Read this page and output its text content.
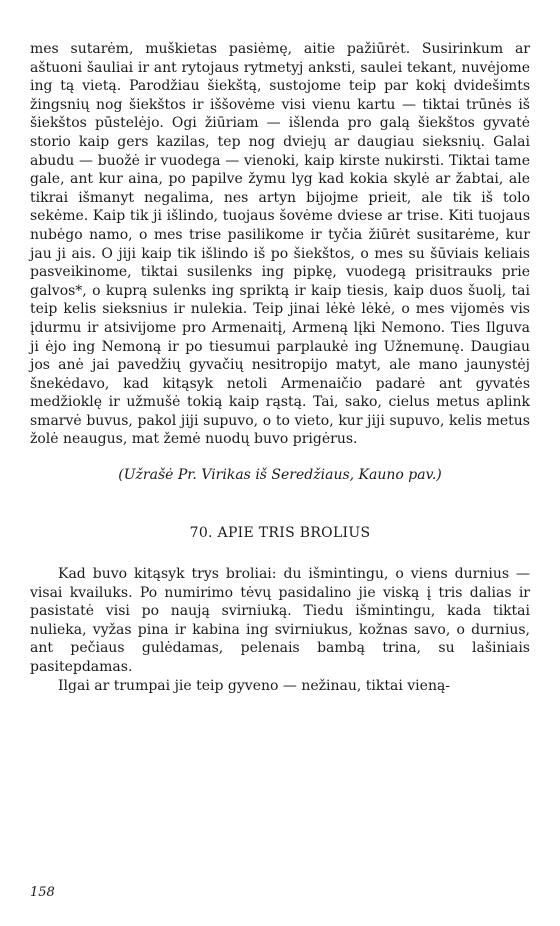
mes sutarėm, muškietas pasiėmę, aitie pažiūrėt. Susirinkum ar aštuoni šauliai ir ant rytojaus rytmetyj anksti, saulei tekant, nuvėjome ing tą vietą. Parodžiau šiekštą, sustojome teip par kokį dvidešimts žingsnių nog šiekštos ir iššovėme visi vienu kartu — tiktai trūnės iš šiekštos pūstelėjo. Ogi žiūriam — išlenda pro galą šiekštos gyvatė storio kaip gers kazilas, tep nog dviejų ar daugiau sieksnių. Galai abudu — buožė ir vuodega — vienoki, kaip kirste nukirsti. Tiktai tame gale, ant kur aina, po papilve žymu lyg kad kokia skylė ar žabtai, ale tikrai išmanyt negalima, nes artyn bijojme prieit, ale tik iš tolo sekėme. Kaip tik ji išlindo, tuojaus šovėme dviese ar trise. Kiti tuojaus nubėgo namo, o mes trise pasilikome ir tyčia žiūrėt susitarėme, kur jau ji ais. O jiji kaip tik išlindo iš po šiekštos, o mes su šūviais keliais pasveikinome, tiktai susilenks ing pipkę, vuodegą prisitrauks prie galvos*, o kuprą sulenks ing spriktą ir kaip tiesis, kaip duos šuolį, tai teip kelis sieksnius ir nulekia. Teip jinai lėkė lėkė, o mes vijomės vis įdurmu ir atsivijome pro Armenaitį, Armeną lįki Nemono. Ties Ilguva ji ėjo ing Nemoną ir po tiesumui parplaukė ing Užnemunę. Daugiau jos anė jai pavedžių gyvačių nesitropijo matyt, ale mano jaunystėj šnekėdavo, kad kitąsyk netoli Armenaičio padarė ant gyvatės medžioklę ir užmušė tokią kaip rąstą. Tai, sako, cielus metus aplink smarvė buvus, pakol jiji supuvo, o to vieto, kur jiji supuvo, kelis metus žolė neaugus, mat žemė nuodų buvo prigėrus.

(Užrašė Pr. Virikas iš Seredžiaus, Kauno pav.)

70. APIE TRIS BROLIUS

Kad buvo kitąsyk trys broliai: du išmintingu, o viens durnius — visai kvailuks. Po numirimo tėvų pasidalino jie viską į tris dalias ir pasistatė visi po naują svirniuką. Tiedu išmintingu, kada tiktai nulieka, vyžas pina ir kabina ing svirniukus, kožnas savo, o durnius, ant pečiaus gulėdamas, pelenais bambą trina, su lašiniais pasitepdamas.

Ilgai ar trumpai jie teip gyveno — nežinau, tiktai vieną-

158
